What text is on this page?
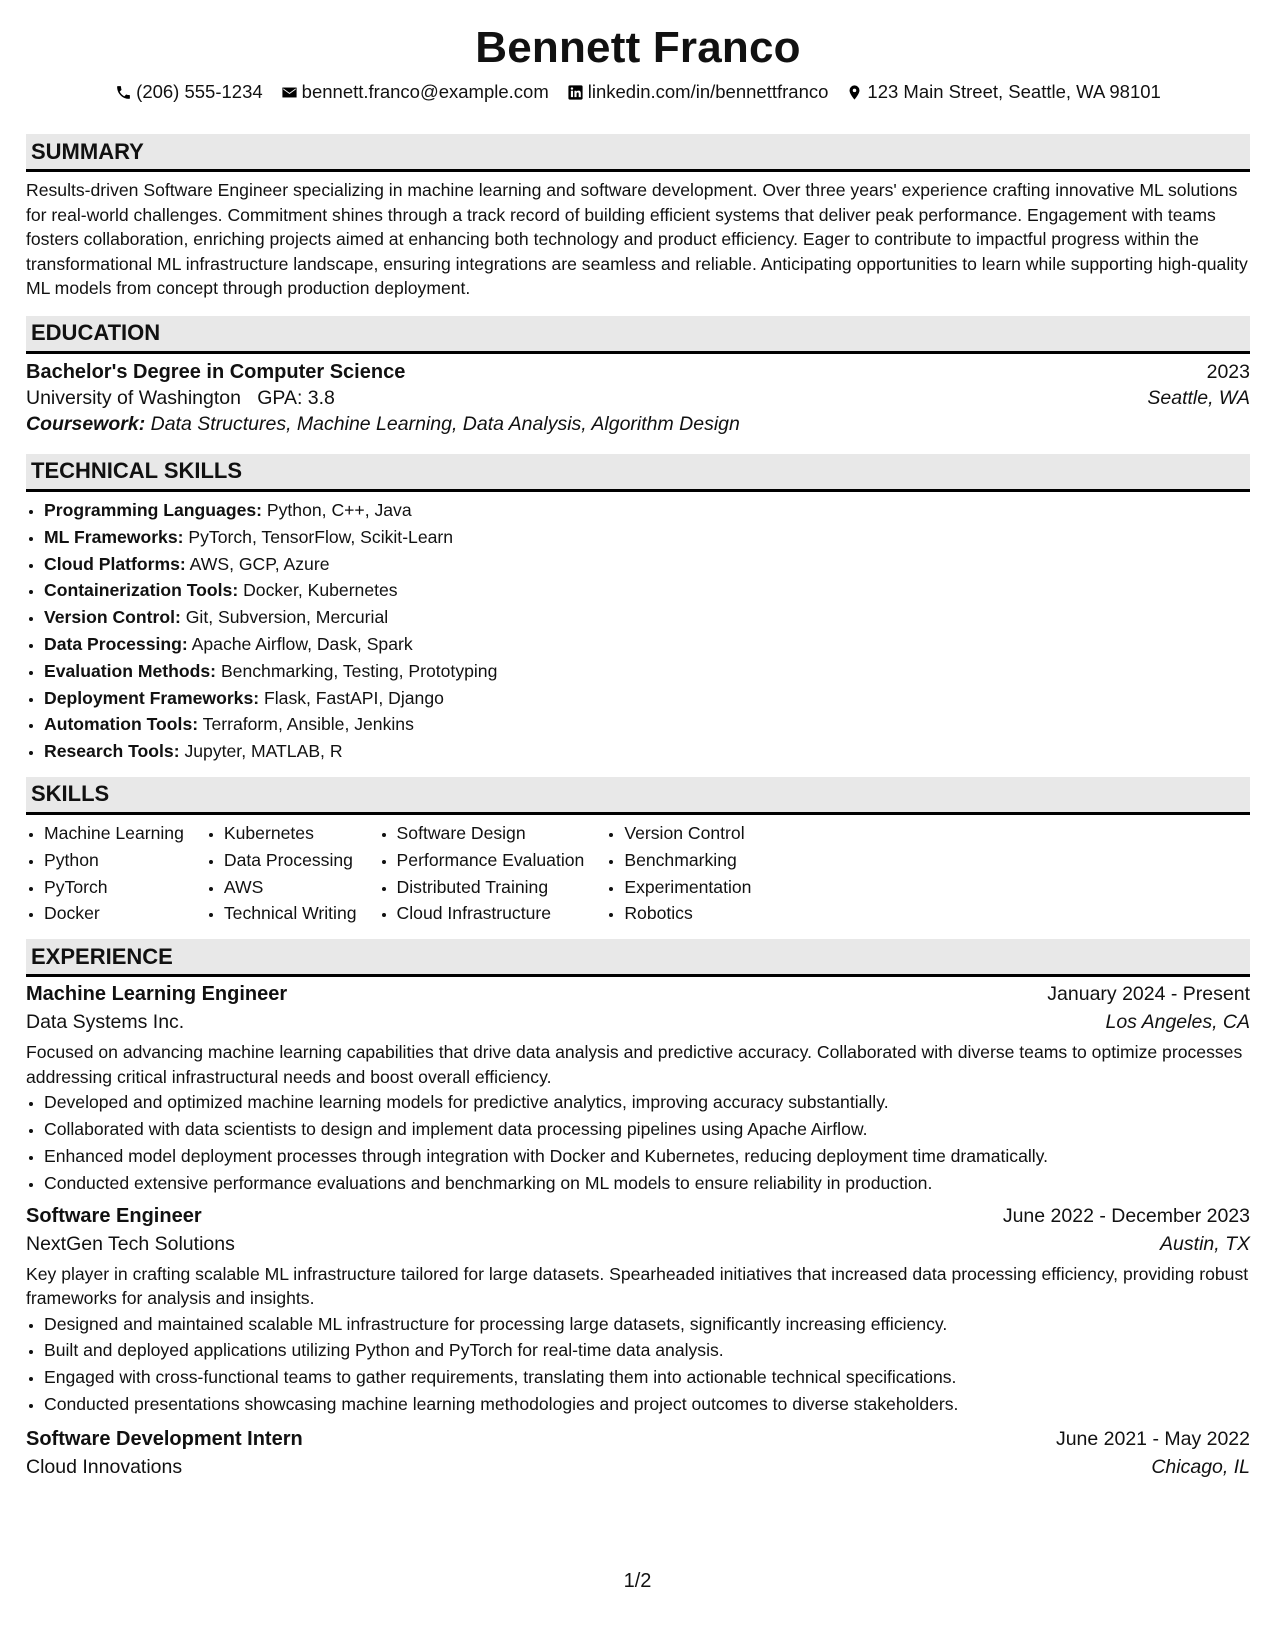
Bennett Franco
(206) 555-1234 bennett.franco@example.com linkedin.com/in/bennettfranco 123 Main Street, Seattle, WA 98101
SUMMARY
Results-driven Software Engineer specializing in machine learning and software development. Over three years' experience crafting innovative ML solutions for real-world challenges. Commitment shines through a track record of building efficient systems that deliver peak performance. Engagement with teams fosters collaboration, enriching projects aimed at enhancing both technology and product efficiency. Eager to contribute to impactful progress within the transformational ML infrastructure landscape, ensuring integrations are seamless and reliable. Anticipating opportunities to learn while supporting high-quality ML models from concept through production deployment.
EDUCATION
Bachelor's Degree in Computer Science	2023
University of Washington GPA: 3.8	Seattle, WA
Coursework: Data Structures, Machine Learning, Data Analysis, Algorithm Design
TECHNICAL SKILLS
• Programming Languages: Python, C++, Java
• ML Frameworks: PyTorch, TensorFlow, Scikit-Learn
• Cloud Platforms: AWS, GCP, Azure
• Containerization Tools: Docker, Kubernetes
• Version Control: Git, Subversion, Mercurial
• Data Processing: Apache Airflow, Dask, Spark
• Evaluation Methods: Benchmarking, Testing, Prototyping
• Deployment Frameworks: Flask, FastAPI, Django
• Automation Tools: Terraform, Ansible, Jenkins
• Research Tools: Jupyter, MATLAB, R
SKILLS
• Machine Learning
• Python
• PyTorch
• Docker
• Kubernetes
• Data Processing
• AWS
• Technical Writing
• Software Design
• Performance Evaluation
• Distributed Training
• Cloud Infrastructure
• Version Control
• Benchmarking
• Experimentation
• Robotics
EXPERIENCE
Machine Learning Engineer	January 2024 - Present
Data Systems Inc.	Los Angeles, CA
Focused on advancing machine learning capabilities that drive data analysis and predictive accuracy. Collaborated with diverse teams to optimize processes addressing critical infrastructural needs and boost overall efficiency.
• Developed and optimized machine learning models for predictive analytics, improving accuracy substantially.
• Collaborated with data scientists to design and implement data processing pipelines using Apache Airflow.
• Enhanced model deployment processes through integration with Docker and Kubernetes, reducing deployment time dramatically.
• Conducted extensive performance evaluations and benchmarking on ML models to ensure reliability in production.
Software Engineer	June 2022 - December 2023
NextGen Tech Solutions	Austin, TX
Key player in crafting scalable ML infrastructure tailored for large datasets. Spearheaded initiatives that increased data processing efficiency, providing robust frameworks for analysis and insights.
• Designed and maintained scalable ML infrastructure for processing large datasets, significantly increasing efficiency.
• Built and deployed applications utilizing Python and PyTorch for real-time data analysis.
• Engaged with cross-functional teams to gather requirements, translating them into actionable technical specifications.
• Conducted presentations showcasing machine learning methodologies and project outcomes to diverse stakeholders.
Software Development Intern	June 2021 - May 2022
Cloud Innovations	Chicago, IL
1/2
